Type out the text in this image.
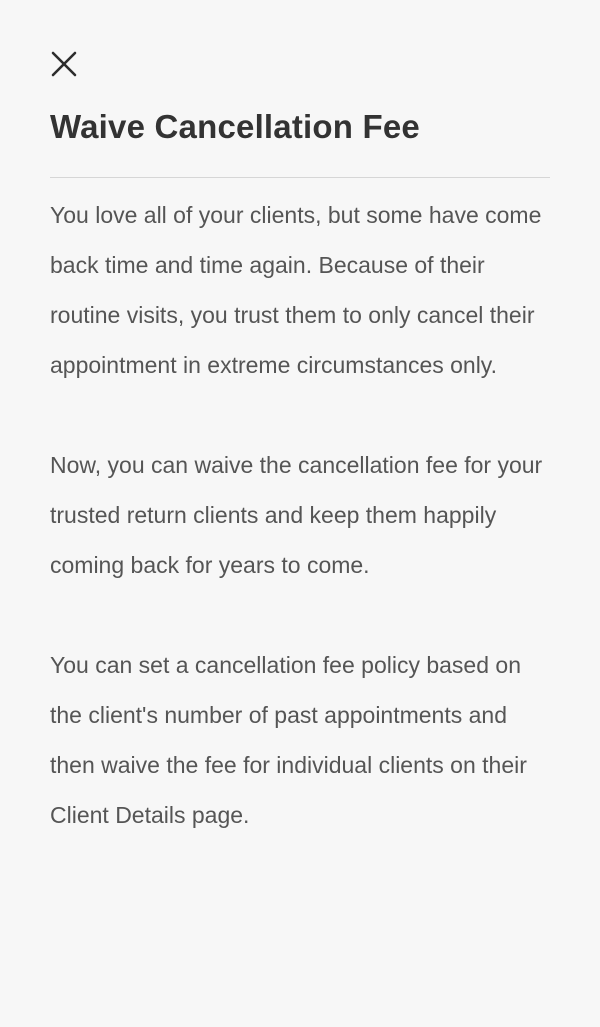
Waive Cancellation Fee

You love all of your clients, but some have come back time and time again. Because of their routine visits, you trust them to only cancel their appointment in extreme circumstances only.

Now, you can waive the cancellation fee for your trusted return clients and keep them happily coming back for years to come.

You can set a cancellation fee policy based on the client's number of past appointments and then waive the fee for individual clients on their Client Details page.
